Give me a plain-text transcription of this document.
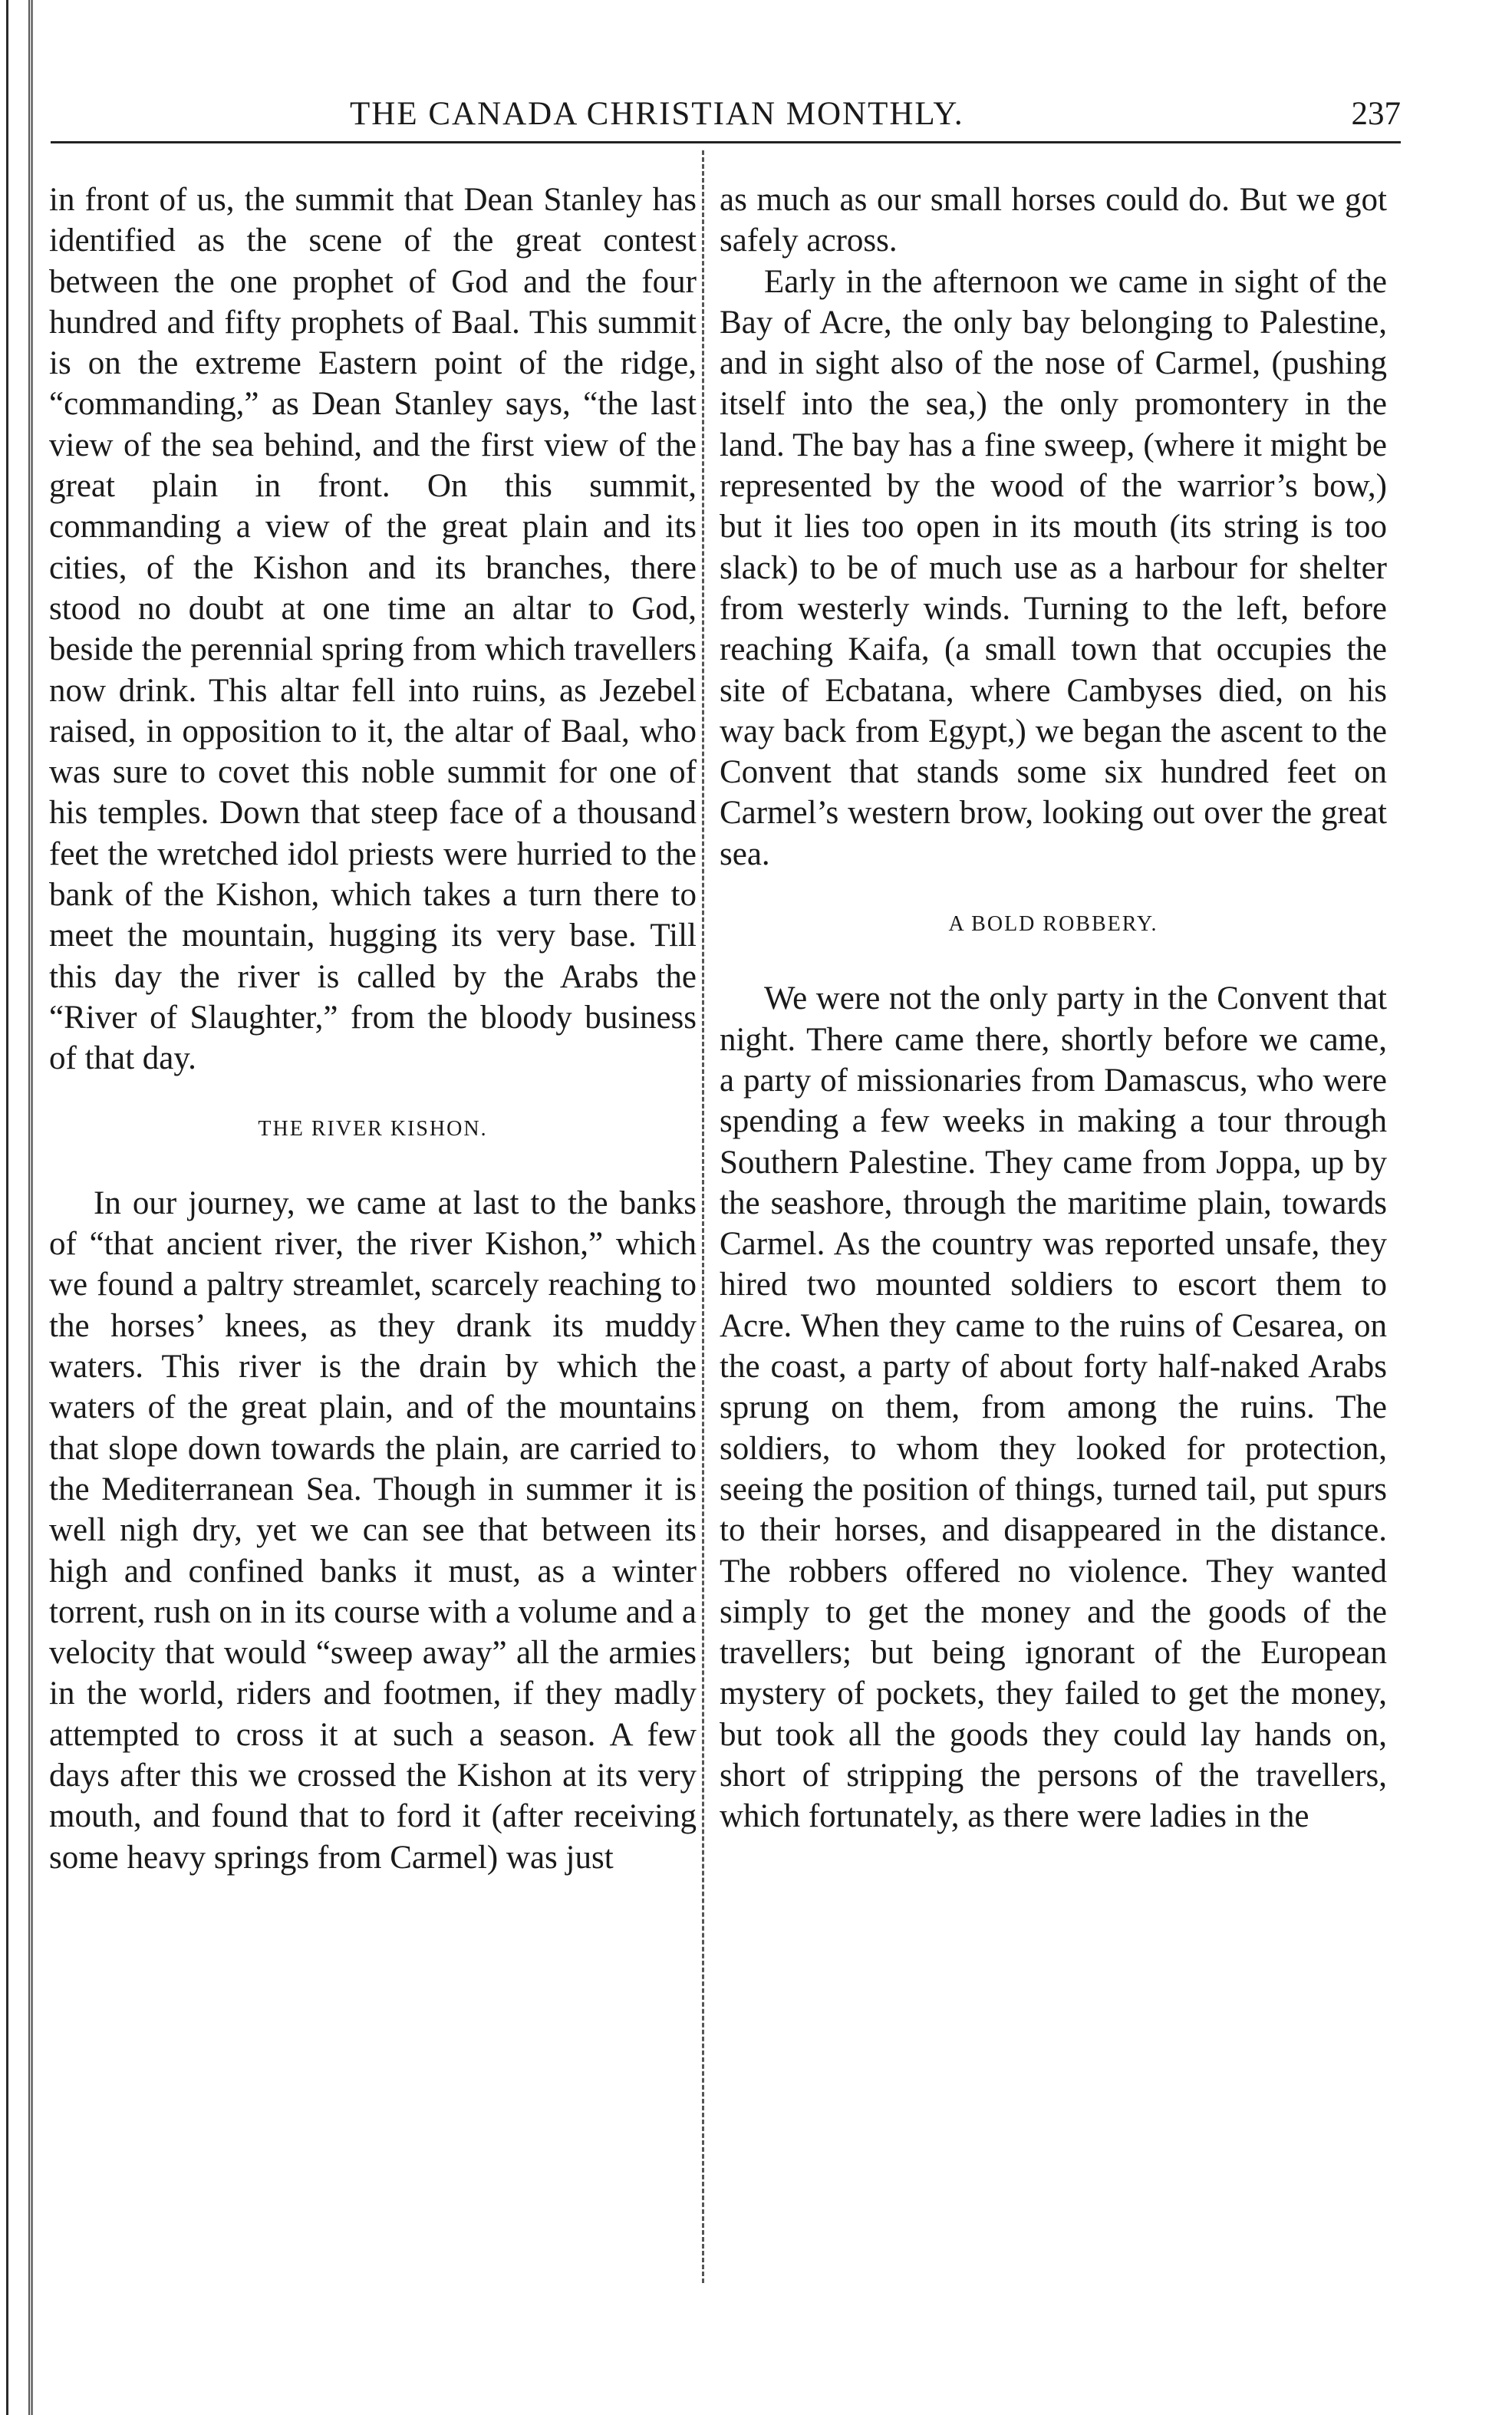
THE CANADA CHRISTIAN MONTHLY.	237

in front of us, the summit that Dean Stanley has identified as the scene of the great contest between the one prophet of God and the four hundred and fifty prophets of Baal. This summit is on the extreme Eastern point of the ridge, “commanding,” as Dean Stanley says, “the last view of the sea behind, and the first view of the great plain in front. On this summit, commanding a view of the great plain and its cities, of the Kishon and its branches, there stood no doubt at one time an altar to God, beside the perennial spring from which travellers now drink. This altar fell into ruins, as Jezebel raised, in opposition to it, the altar of Baal, who was sure to covet this noble summit for one of his temples. Down that steep face of a thousand feet the wretched idol priests were hurried to the bank of the Kishon, which takes a turn there to meet the mountain, hugging its very base. Till this day the river is called by the Arabs the “River of Slaughter,” from the bloody business of that day.

THE RIVER KISHON.

In our journey, we came at last to the banks of “that ancient river, the river Kishon,” which we found a paltry streamlet, scarcely reaching to the horses’ knees, as they drank its muddy waters. This river is the drain by which the waters of the great plain, and of the mountains that slope down towards the plain, are carried to the Mediterranean Sea. Though in summer it is well nigh dry, yet we can see that between its high and confined banks it must, as a winter torrent, rush on in its course with a volume and a velocity that would “sweep away” all the armies in the world, riders and footmen, if they madly attempted to cross it at such a season. A few days after this we crossed the Kishon at its very mouth, and found that to ford it (after receiving some heavy springs from Carmel) was just

as much as our small horses could do. But we got safely across.

Early in the afternoon we came in sight of the Bay of Acre, the only bay belonging to Palestine, and in sight also of the nose of Carmel, (pushing itself into the sea,) the only promontery in the land. The bay has a fine sweep, (where it might be represented by the wood of the warrior’s bow,) but it lies too open in its mouth (its string is too slack) to be of much use as a harbour for shelter from westerly winds. Turning to the left, before reaching Kaifa, (a small town that occupies the site of Ecbatana, where Cambyses died, on his way back from Egypt,) we began the ascent to the Convent that stands some six hundred feet on Carmel’s western brow, looking out over the great sea.

A BOLD ROBBERY.

We were not the only party in the Convent that night. There came there, shortly before we came, a party of missionaries from Damascus, who were spending a few weeks in making a tour through Southern Palestine. They came from Joppa, up by the seashore, through the maritime plain, towards Carmel. As the country was reported unsafe, they hired two mounted soldiers to escort them to Acre. When they came to the ruins of Cesarea, on the coast, a party of about forty half-naked Arabs sprung on them, from among the ruins. The soldiers, to whom they looked for protection, seeing the position of things, turned tail, put spurs to their horses, and disappeared in the distance. The robbers offered no violence. They wanted simply to get the money and the goods of the travellers; but being ignorant of the European mystery of pockets, they failed to get the money, but took all the goods they could lay hands on, short of stripping the persons of the travellers, which fortunately, as there were ladies in the
